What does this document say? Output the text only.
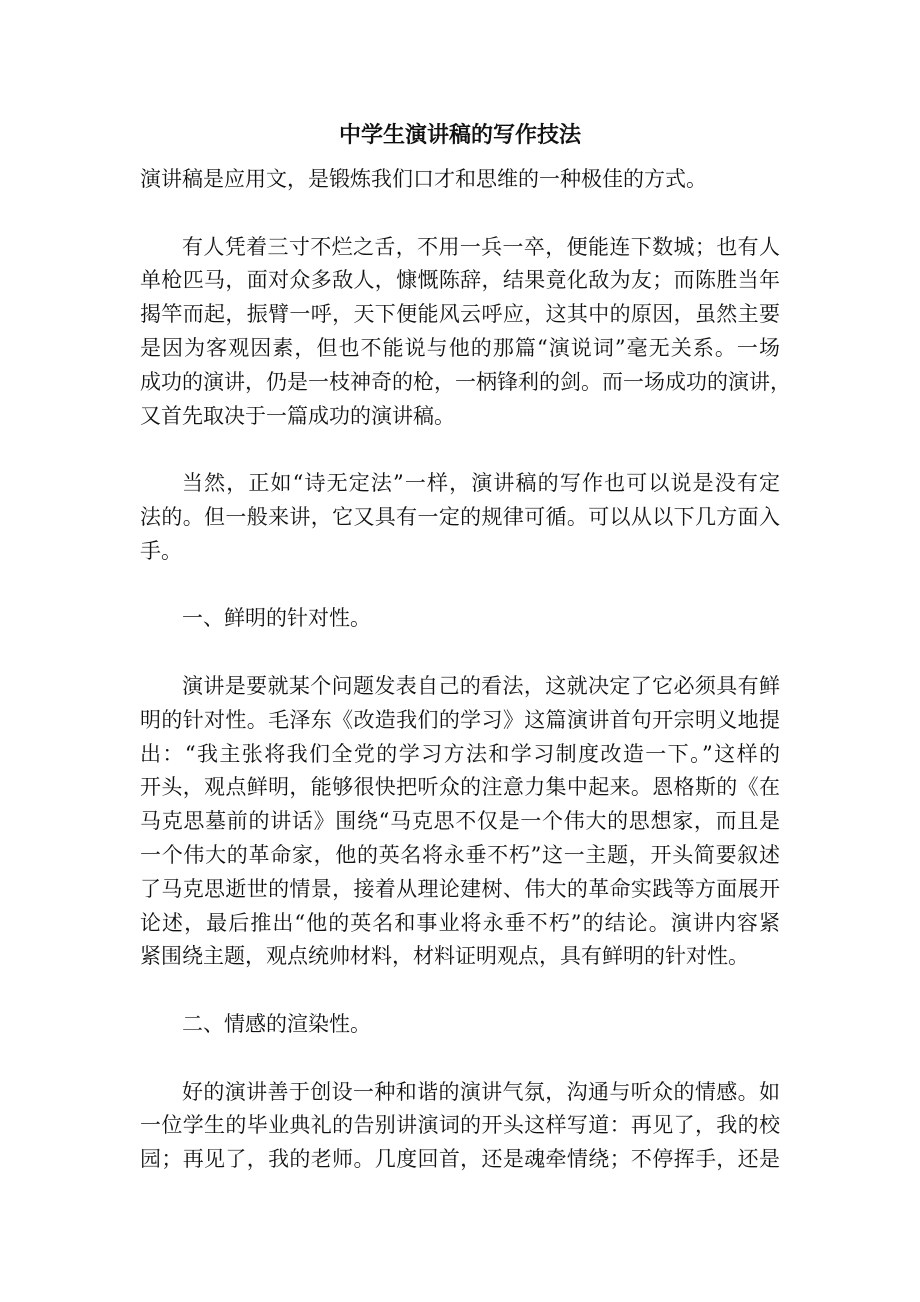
中学生演讲稿的写作技法
演讲稿是应用文，是锻炼我们口才和思维的一种极佳的方式。
有人凭着三寸不烂之舌，不用一兵一卒，便能连下数城；也有人
单枪匹马，面对众多敌人，慷慨陈辞，结果竟化敌为友；而陈胜当年
揭竿而起，振臂一呼，天下便能风云呼应，这其中的原因，虽然主要
是因为客观因素，但也不能说与他的那篇“演说词”毫无关系。一场
成功的演讲，仍是一枝神奇的枪，一柄锋利的剑。而一场成功的演讲，
又首先取决于一篇成功的演讲稿。
当然，正如“诗无定法”一样，演讲稿的写作也可以说是没有定
法的。但一般来讲，它又具有一定的规律可循。可以从以下几方面入
手。
一、鲜明的针对性。
演讲是要就某个问题发表自己的看法，这就决定了它必须具有鲜
明的针对性。毛泽东《改造我们的学习》这篇演讲首句开宗明义地提
出：“我主张将我们全党的学习方法和学习制度改造一下。”这样的
开头，观点鲜明，能够很快把听众的注意力集中起来。恩格斯的《在
马克思墓前的讲话》围绕“马克思不仅是一个伟大的思想家，而且是
一个伟大的革命家，他的英名将永垂不朽”这一主题，开头简要叙述
了马克思逝世的情景，接着从理论建树、伟大的革命实践等方面展开
论述，最后推出“他的英名和事业将永垂不朽”的结论。演讲内容紧
紧围绕主题，观点统帅材料，材料证明观点，具有鲜明的针对性。
二、情感的渲染性。
好的演讲善于创设一种和谐的演讲气氛，沟通与听众的情感。如
一位学生的毕业典礼的告别讲演词的开头这样写道：再见了，我的校
园；再见了，我的老师。几度回首，还是魂牵情绕；不停挥手，还是
